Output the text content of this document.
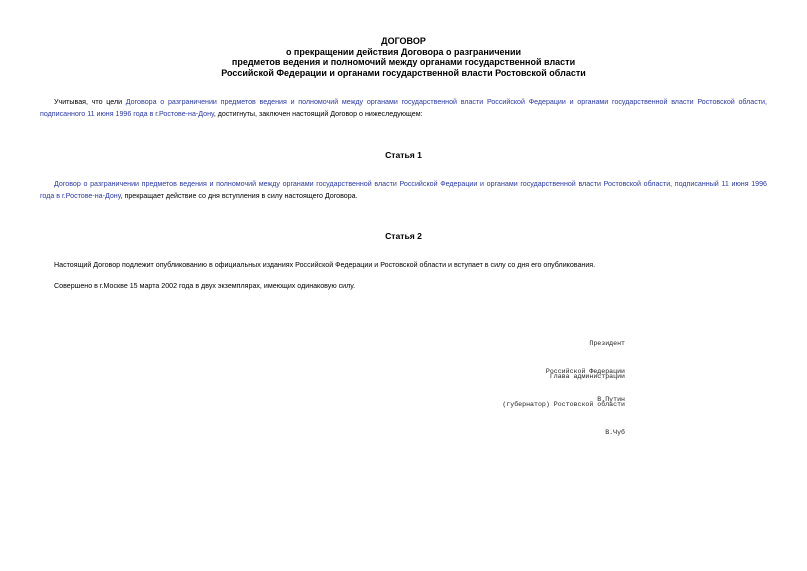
ДОГОВОР
о прекращении действия Договора о разграничении
предметов ведения и полномочий между органами государственной власти
Российской Федерации и органами государственной власти Ростовской области
Учитывая, что цели Договора о разграничении предметов ведения и полномочий между органами государственной власти Российской Федерации и органами государственной власти Ростовской области, подписанного 11 июня 1996 года в г.Ростове-на-Дону, достигнуты, заключен настоящий Договор о нижеследующем:
Статья 1
Договор о разграничении предметов ведения и полномочий между органами государственной власти Российской Федерации и органами государственной власти Ростовской области, подписанный 11 июня 1996 года в г.Ростове-на-Дону, прекращает действие со дня вступления в силу настоящего Договора.
Статья 2
Настоящий Договор подлежит опубликованию в официальных изданиях Российской Федерации и Ростовской области и вступает в силу со дня его опубликования.
Совершено в г.Москве 15 марта 2002 года в двух экземплярах, имеющих одинаковую силу.

Президент

Российской Федерации

В.Путин

Глава администрации

(губернатор) Ростовской области

В.Чуб
